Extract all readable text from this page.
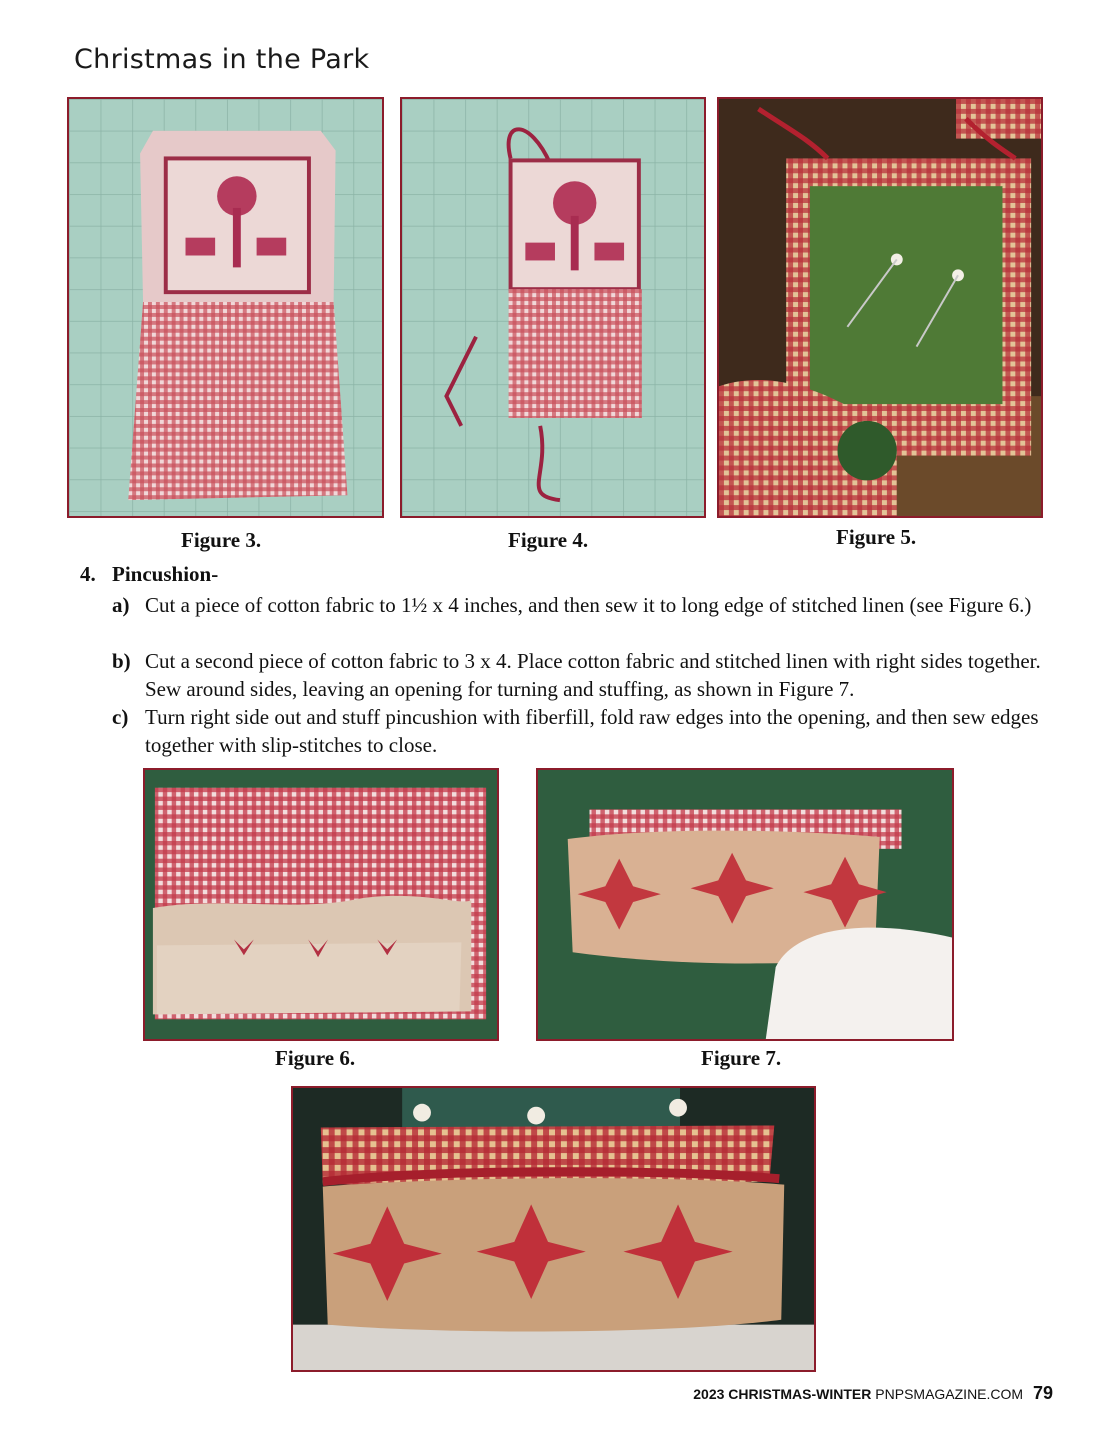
Christmas in the Park
Figure 3.	Figure 4.	Figure 5.
4. Pincushion-
a) Cut a piece of cotton fabric to 1½ x 4 inches, and then sew it to long edge of stitched linen (see Figure 6.)
b) Cut a second piece of cotton fabric to 3 x 4. Place cotton fabric and stitched linen with right sides together. Sew around sides, leaving an opening for turning and stuffing, as shown in Figure 7.
c) Turn right side out and stuff pincushion with fiberfill, fold raw edges into the opening, and then sew edges together with slip-stitches to close.
Figure 6.	Figure 7.
2023 CHRISTMAS-WINTER PNPSMAGAZINE.COM 79
